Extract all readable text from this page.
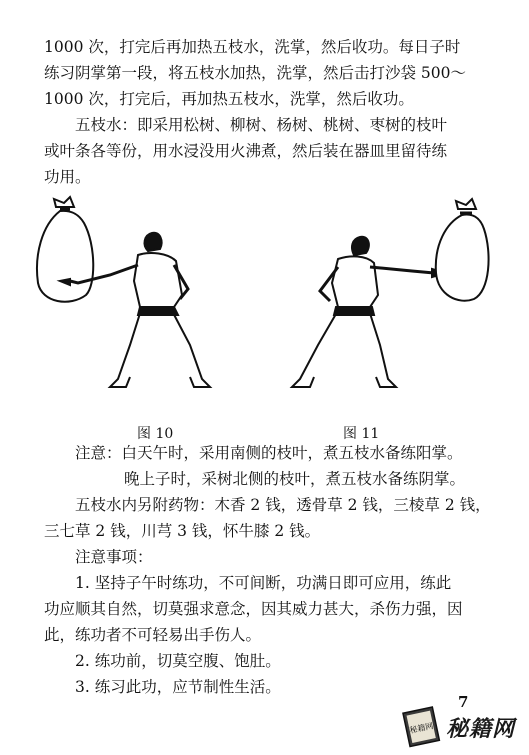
1000 次，打完后再加热五枝水，洗掌，然后收功。每日子时
练习阴掌第一段，将五枝水加热，洗掌，然后击打沙袋 500～
1000 次，打完后，再加热五枝水，洗掌，然后收功。
五枝水：即采用松树、柳树、杨树、桃树、枣树的枝叶
或叶条各等份，用水浸没用火沸煮，然后装在器皿里留待练
功用。
图 10	图 11
注意：白天午时，采用南侧的枝叶，煮五枝水备练阳掌。
晚上子时，采树北侧的枝叶，煮五枝水备练阴掌。
五枝水内另附药物：木香 2 钱，透骨草 2 钱，三棱草 2 钱，
三七草 2 钱，川芎 3 钱，怀牛膝 2 钱。
注意事项：
1. 坚持子午时练功，不可间断，功满日即可应用，练此
功应顺其自然，切莫强求意念，因其威力甚大，杀伤力强，因
此，练功者不可轻易出手伤人。
2. 练功前，切莫空腹、饱肚。
3. 练习此功，应节制性生活。
7
秘籍网 秘籍网
